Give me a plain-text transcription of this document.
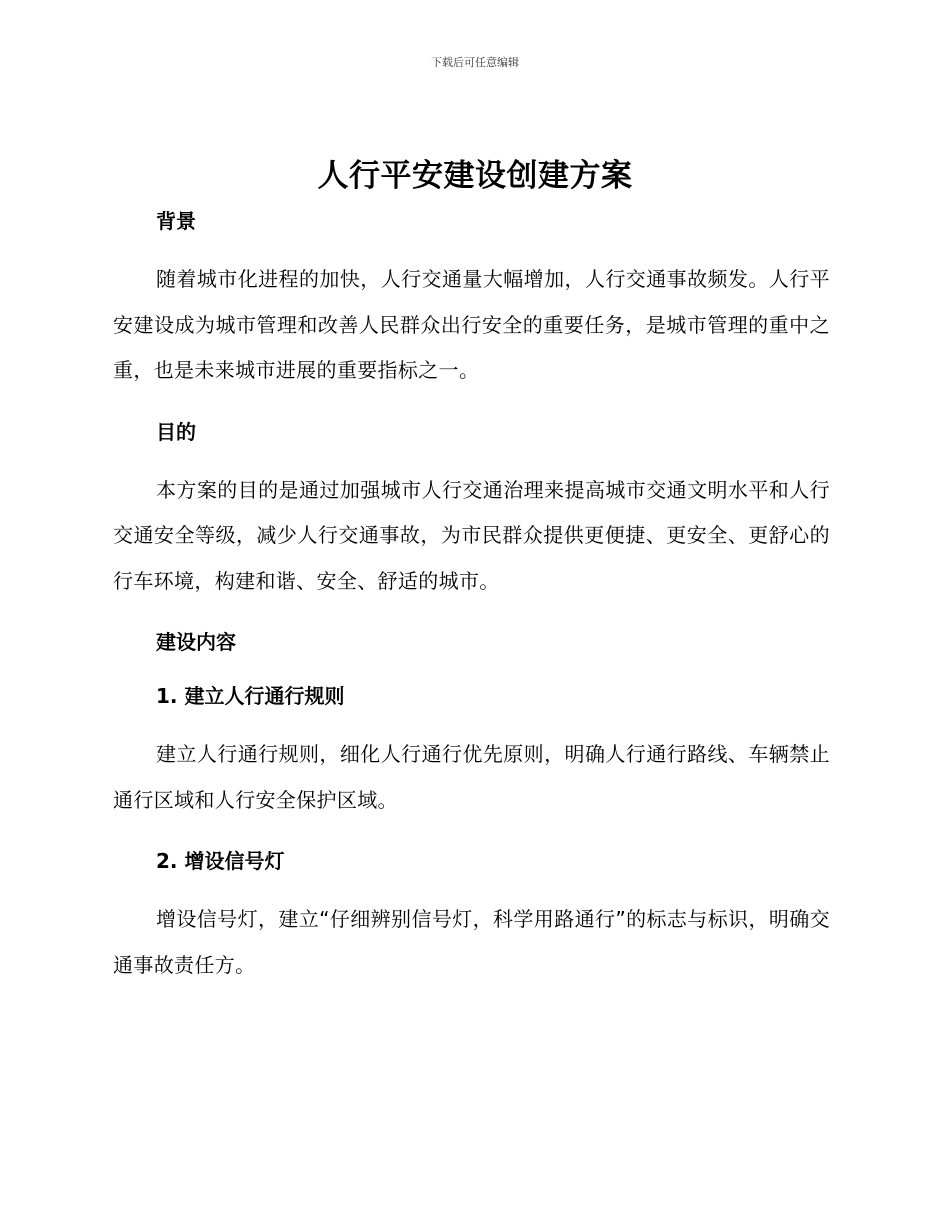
下载后可任意编辑
人行平安建设创建方案
背景

随着城市化进程的加快，人行交通量大幅增加，人行交通事故频发。人行平安建设成为城市管理和改善人民群众出行安全的重要任务，是城市管理的重中之重，也是未来城市进展的重要指标之一。

目的

本方案的目的是通过加强城市人行交通治理来提高城市交通文明水平和人行交通安全等级，减少人行交通事故，为市民群众提供更便捷、更安全、更舒心的行车环境，构建和谐、安全、舒适的城市。

建设内容
1. 建立人行通行规则

建立人行通行规则，细化人行通行优先原则，明确人行通行路线、车辆禁止通行区域和人行安全保护区域。

2. 增设信号灯

增设信号灯，建立“仔细辨别信号灯，科学用路通行”的标志与标识，明确交通事故责任方。
